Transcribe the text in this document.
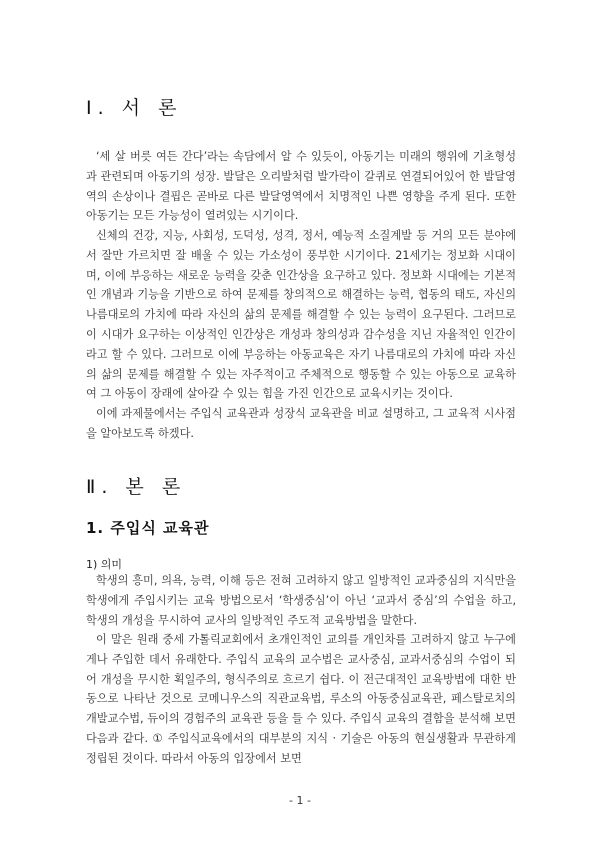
Ⅰ. 서 론

‘세 살 버릇 여든 간다’라는 속담에서 알 수 있듯이, 아동기는 미래의 행위에 기초형성과 관련되며 아동기의 성장. 발달은 오리발처럼 발가락이 갈퀴로 연결되어있어 한 발달영역의 손상이나 결핍은 곧바로 다른 발달영역에서 치명적인 나쁜 영향을 주게 된다. 또한 아동기는 모든 가능성이 열려있는 시기이다.

신체의 건강, 지능, 사회성, 도덕성, 성격, 정서, 예능적 소질계발 등 거의 모든 분야에서 잘만 가르치면 잘 배울 수 있는 가소성이 풍부한 시기이다. 21세기는 정보화 시대이며, 이에 부응하는 새로운 능력을 갖춘 인간상을 요구하고 있다. 정보화 시대에는 기본적인 개념과 기능을 기반으로 하여 문제를 창의적으로 해결하는 능력, 협동의 태도, 자신의 나름대로의 가치에 따라 자신의 삶의 문제를 해결할 수 있는 능력이 요구된다. 그러므로 이 시대가 요구하는 이상적인 인간상은 개성과 창의성과 감수성을 지닌 자율적인 인간이라고 할 수 있다. 그러므로 이에 부응하는 아동교육은 자기 나름대로의 가치에 따라 자신의 삶의 문제를 해결할 수 있는 자주적이고 주체적으로 행동할 수 있는 아동으로 교육하여 그 아동이 장래에 살아갈 수 있는 힘을 가진 인간으로 교육시키는 것이다.

이에 과제물에서는 주입식 교육관과 성장식 교육관을 비교 설명하고, 그 교육적 시사점을 알아보도록 하겠다.

Ⅱ. 본 론
1. 주입식 교육관
1) 의미

학생의 흥미, 의욕, 능력, 이해 등은 전혀 고려하지 않고 일방적인 교과중심의 지식만을 학생에게 주입시키는 교육 방법으로서 ‘학생중심’이 아닌 ‘교과서 중심’의 수업을 하고, 학생의 개성을 무시하여 교사의 일방적인 주도적 교육방법을 말한다.

이 말은 원래 중세 가톨릭교회에서 초개인적인 교의를 개인차를 고려하지 않고 누구에게나 주입한 데서 유래한다. 주입식 교육의 교수법은 교사중심, 교과서중심의 수업이 되어 개성을 무시한 획일주의, 형식주의로 흐르기 쉽다. 이 전근대적인 교육방법에 대한 반동으로 나타난 것으로 코메니우스의 직관교육법, 루소의 아동중심교육관, 페스탈로치의 개발교수법, 듀이의 경험주의 교육관 등을 들 수 있다. 주입식 교육의 결함을 분석해 보면 다음과 같다. ① 주입식교육에서의 대부분의 지식 · 기술은 아동의 현실생활과 무관하게 정립된 것이다. 따라서 아동의 입장에서 보면

- 1 -
